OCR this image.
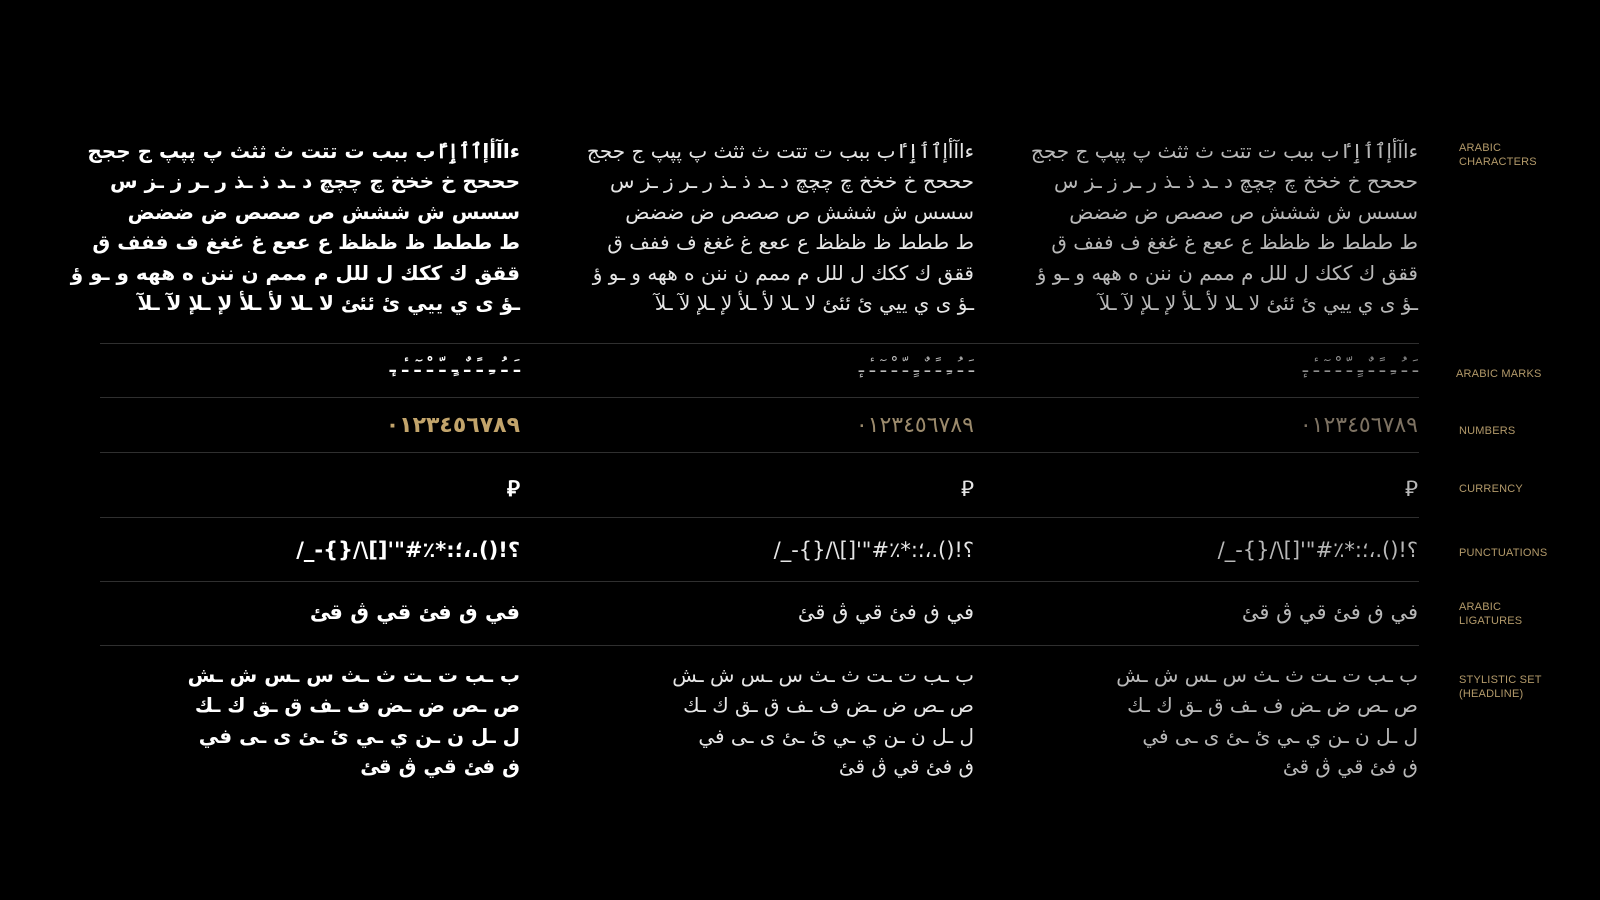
ءاآأإٱٲٳٵب ببب ت تتت ث ثثث پ پپپ ج ججج
حححح خ خخخ چ چچچ د ـد ذ ـذ ر ـر ز ـز س
سسس ش ششش ص صصص ض ضضض
ط ططط ظ ظظظ ع ععع غ غغغ ف ففف ق
ققق ك ككك ل للل م ممم ن ننن ه ههه و ـو ؤ
ـؤ ى ي ييي ئ ئئئ لا ـلا لأ ـلأ لإ ـلإ لآ ـلآ
ـَ ـُ ـِ ـً ـٌ ـٍ ـّ ـْ ـٓ ـٔ ـٕ
٠١٢٣٤٥٦٧٨٩
⃁
؟!().،؛:*٪#"'[]\/{}-_/
في ڧ فئ قي ڨ قئ
ب ـب ت ـت ث ـث س ـس ش ـش
ص ـص ض ـض ف ـف ق ـق ك ـك
ل ـل ن ـن ي ـي ئ ـئ ى ـى في
ڧ فئ قي ڨ قئ
ءاآأإٱٲٳٵب ببب ت تتت ث ثثث پ پپپ ج ججج
حححح خ خخخ چ چچچ د ـد ذ ـذ ر ـر ز ـز س
سسس ش ششش ص صصص ض ضضض
ط ططط ظ ظظظ ع ععع غ غغغ ف ففف ق
ققق ك ككك ل للل م ممم ن ننن ه ههه و ـو ؤ
ـؤ ى ي ييي ئ ئئئ لا ـلا لأ ـلأ لإ ـلإ لآ ـلآ
ـَ ـُ ـِ ـً ـٌ ـٍ ـّ ـْ ـٓ ـٔ ـٕ
٠١٢٣٤٥٦٧٨٩
⃁
؟!().،؛:*٪#"'[]\/{}-_/
في ڧ فئ قي ڨ قئ
ب ـب ت ـت ث ـث س ـس ش ـش
ص ـص ض ـض ف ـف ق ـق ك ـك
ل ـل ن ـن ي ـي ئ ـئ ى ـى في
ڧ فئ قي ڨ قئ
ءاآأإٱٲٳٵب ببب ت تتت ث ثثث پ پپپ ج ججج
حححح خ خخخ چ چچچ د ـد ذ ـذ ر ـر ز ـز س
سسس ش ششش ص صصص ض ضضض
ط ططط ظ ظظظ ع ععع غ غغغ ف ففف ق
ققق ك ككك ل للل م ممم ن ننن ه ههه و ـو ؤ
ـؤ ى ي ييي ئ ئئئ لا ـلا لأ ـلأ لإ ـلإ لآ ـلآ
ـَ ـُ ـِ ـً ـٌ ـٍ ـّ ـْ ـٓ ـٔ ـٕ
٠١٢٣٤٥٦٧٨٩
⃁
؟!().،؛:*٪#"'[]\/{}-_/
في ڧ فئ قي ڨ قئ
ب ـب ت ـت ث ـث س ـس ش ـش
ص ـص ض ـض ف ـف ق ـق ك ـك
ل ـل ن ـن ي ـي ئ ـئ ى ـى في
ڧ فئ قي ڨ قئ
ARABIC
CHARACTERS
ARABIC MARKS
NUMBERS
CURRENCY
PUNCTUATIONS
ARABIC
LIGATURES
STYLISTIC SET
(HEADLINE)
